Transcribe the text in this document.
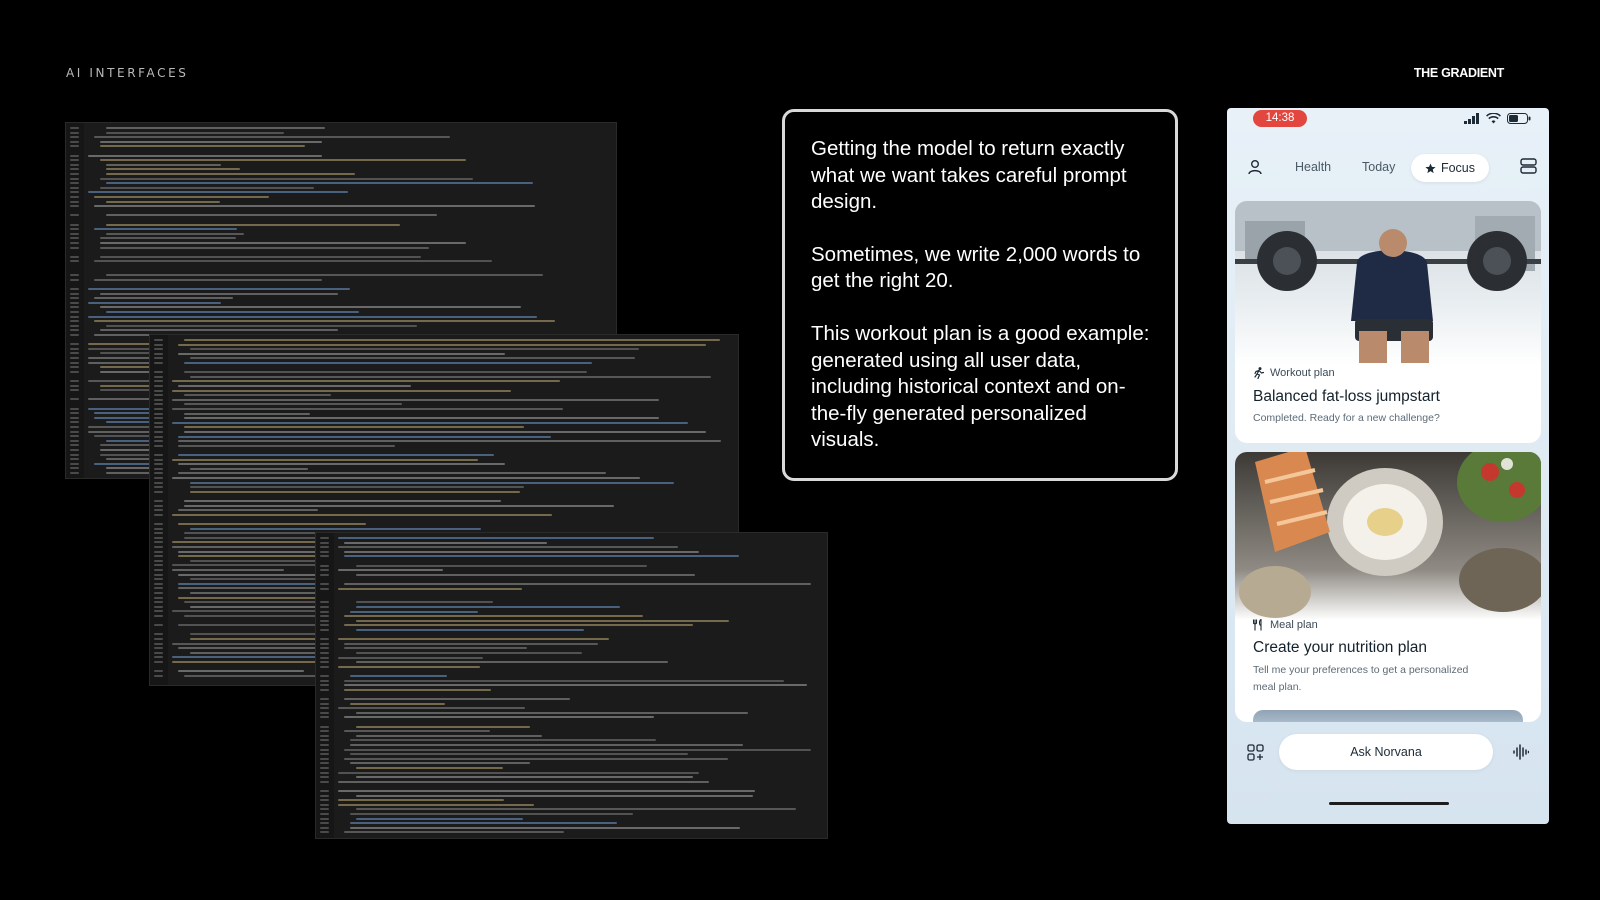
AI INTERFACES	THE GRADIENT

Getting the model to return exactly what we want takes careful prompt design.

Sometimes, we write 2,000 words to get the right 20.

This workout plan is a good example: generated using all user data, including historical context and on-the-fly generated personalized visuals.

14:38
Health Today	Focus
Workout plan
Balanced fat-loss jumpstart
Completed. Ready for a new challenge?
Meal plan
Create your nutrition plan
Tell me your preferences to get a personalized meal plan.
Ask Norvana
